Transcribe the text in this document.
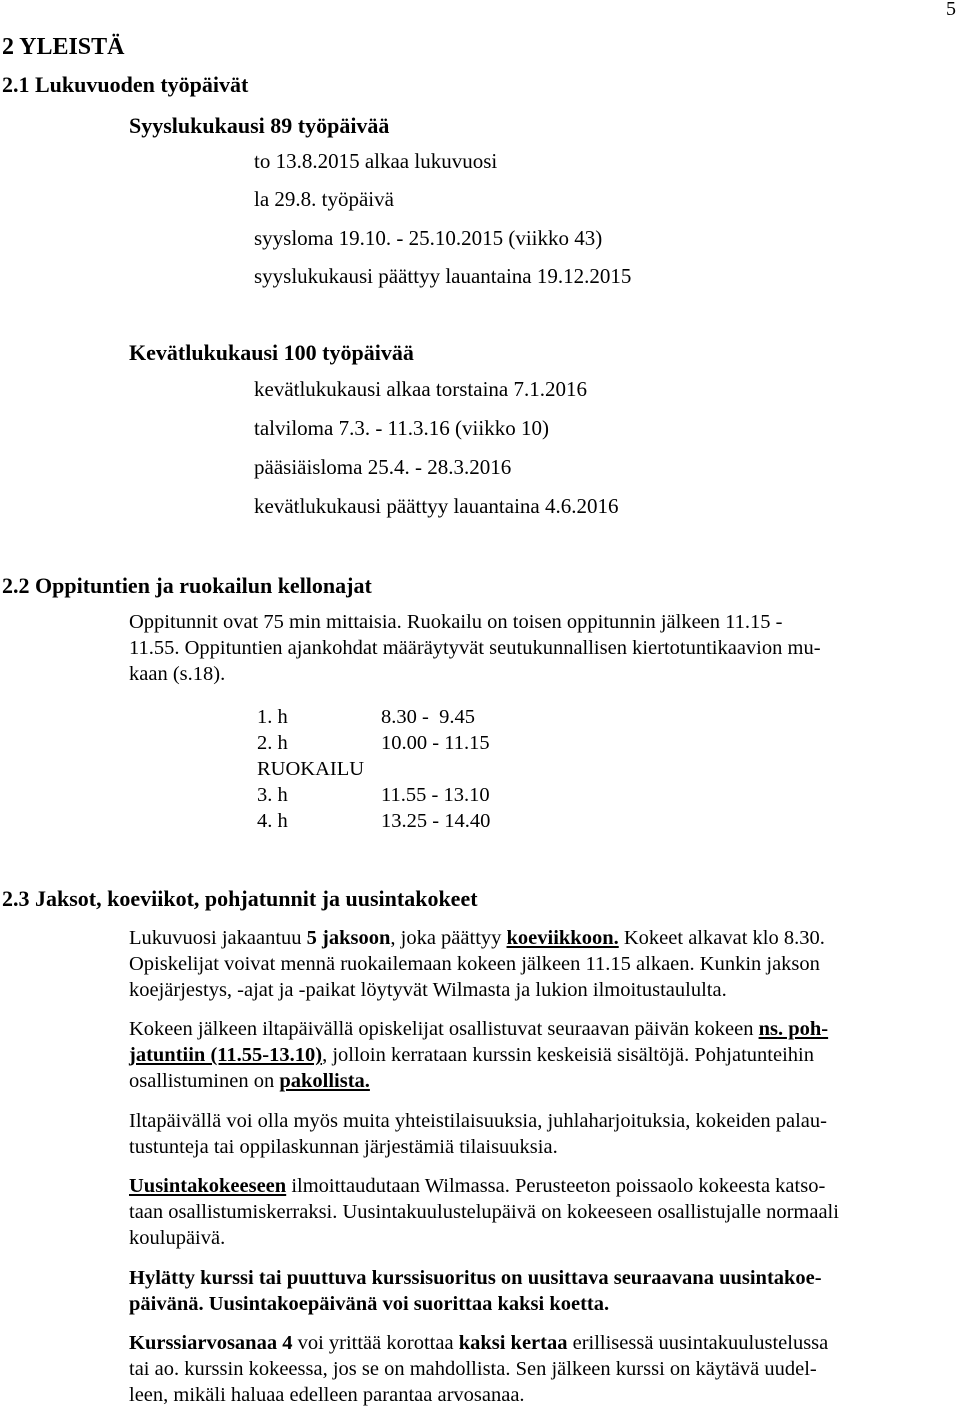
5
2 YLEISTÄ
2.1 Lukuvuoden työpäivät
Syyslukukausi 89 työpäivää
to 13.8.2015 alkaa lukuvuosi
la 29.8. työpäivä
syysloma 19.10. - 25.10.2015 (viikko 43)
syyslukukausi päättyy lauantaina 19.12.2015
Kevätlukukausi 100 työpäivää
kevätlukukausi alkaa torstaina 7.1.2016
talviloma 7.3. - 11.3.16 (viikko 10)
pääsiäisloma 25.4. - 28.3.2016
kevätlukukausi päättyy lauantaina 4.6.2016
2.2 Oppituntien ja ruokailun kellonajat

Oppitunnit ovat 75 min mittaisia. Ruokailu on toisen oppitunnin jälkeen 11.15 -

11.55. Oppituntien ajankohdat määräytyvät seutukunnallisen kiertotuntikaavion mu-

kaan (s.18).

1. h	8.30 -  9.45
2. h	10.00 - 11.15
RUOKAILU
3. h	11.55 - 13.10
4. h	13.25 - 14.40
2.3 Jaksot, koeviikot, pohjatunnit ja uusintakokeet

Lukuvuosi jakaantuu 5 jaksoon, joka päättyy koeviikkoon. Kokeet alkavat klo 8.30.

Opiskelijat voivat mennä ruokailemaan kokeen jälkeen 11.15 alkaen. Kunkin jakson

koejärjestys, -ajat ja -paikat löytyvät Wilmasta ja lukion ilmoitustaululta.

Kokeen jälkeen iltapäivällä opiskelijat osallistuvat seuraavan päivän kokeen ns. poh-

jatuntiin (11.55-13.10), jolloin kerrataan kurssin keskeisiä sisältöjä. Pohjatunteihin

osallistuminen on pakollista.

Iltapäivällä voi olla myös muita yhteistilaisuuksia, juhlaharjoituksia, kokeiden palau-

tustunteja tai oppilaskunnan järjestämiä tilaisuuksia.

Uusintakokeeseen ilmoittaudutaan Wilmassa. Perusteeton poissaolo kokeesta katso-

taan osallistumiskerraksi. Uusintakuulustelupäivä on kokeeseen osallistujalle normaali

koulupäivä.

Hylätty kurssi tai puuttuva kurssisuoritus on uusittava seuraavana uusintakoe-

päivänä. Uusintakoepäivänä voi suorittaa kaksi koetta.

Kurssiarvosanaa 4 voi yrittää korottaa kaksi kertaa erillisessä uusintakuulustelussa

tai ao. kurssin kokeessa, jos se on mahdollista. Sen jälkeen kurssi on käytävä uudel-

leen, mikäli haluaa edelleen parantaa arvosanaa.
